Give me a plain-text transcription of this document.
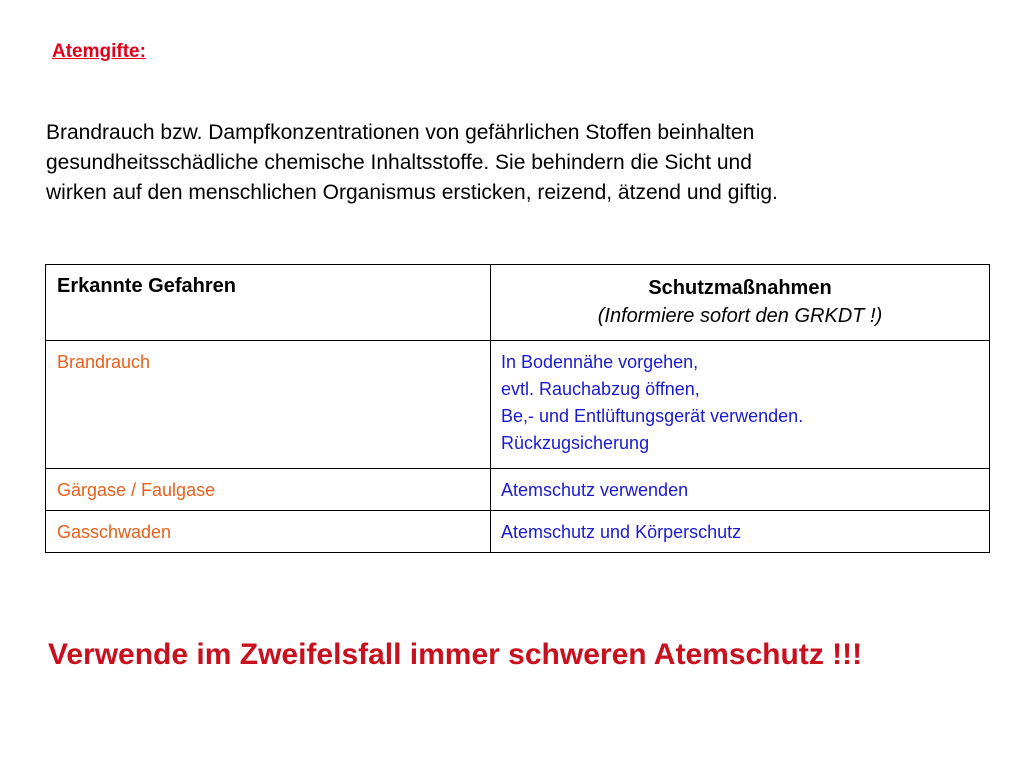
Atemgifte:

Brandrauch bzw. Dampfkonzentrationen von gefährlichen Stoffen beinhalten
gesundheitsschädliche chemische Inhaltsstoffe. Sie behindern die Sicht und
wirken auf den menschlichen Organismus ersticken, reizend, ätzend und giftig.

Erkannte Gefahren	Schutzmaßnahmen
(Informiere sofort den GRKDT !)

Brandrauch	In Bodennähe vorgehen,
evtl. Rauchabzug öffnen,
Be,- und Entlüftungsgerät verwenden.
Rückzugsicherung

Gärgase / Faulgase	Atemschutz verwenden

Gasschwaden	Atemschutz und Körperschutz

Verwende im Zweifelsfall immer schweren Atemschutz !!!
